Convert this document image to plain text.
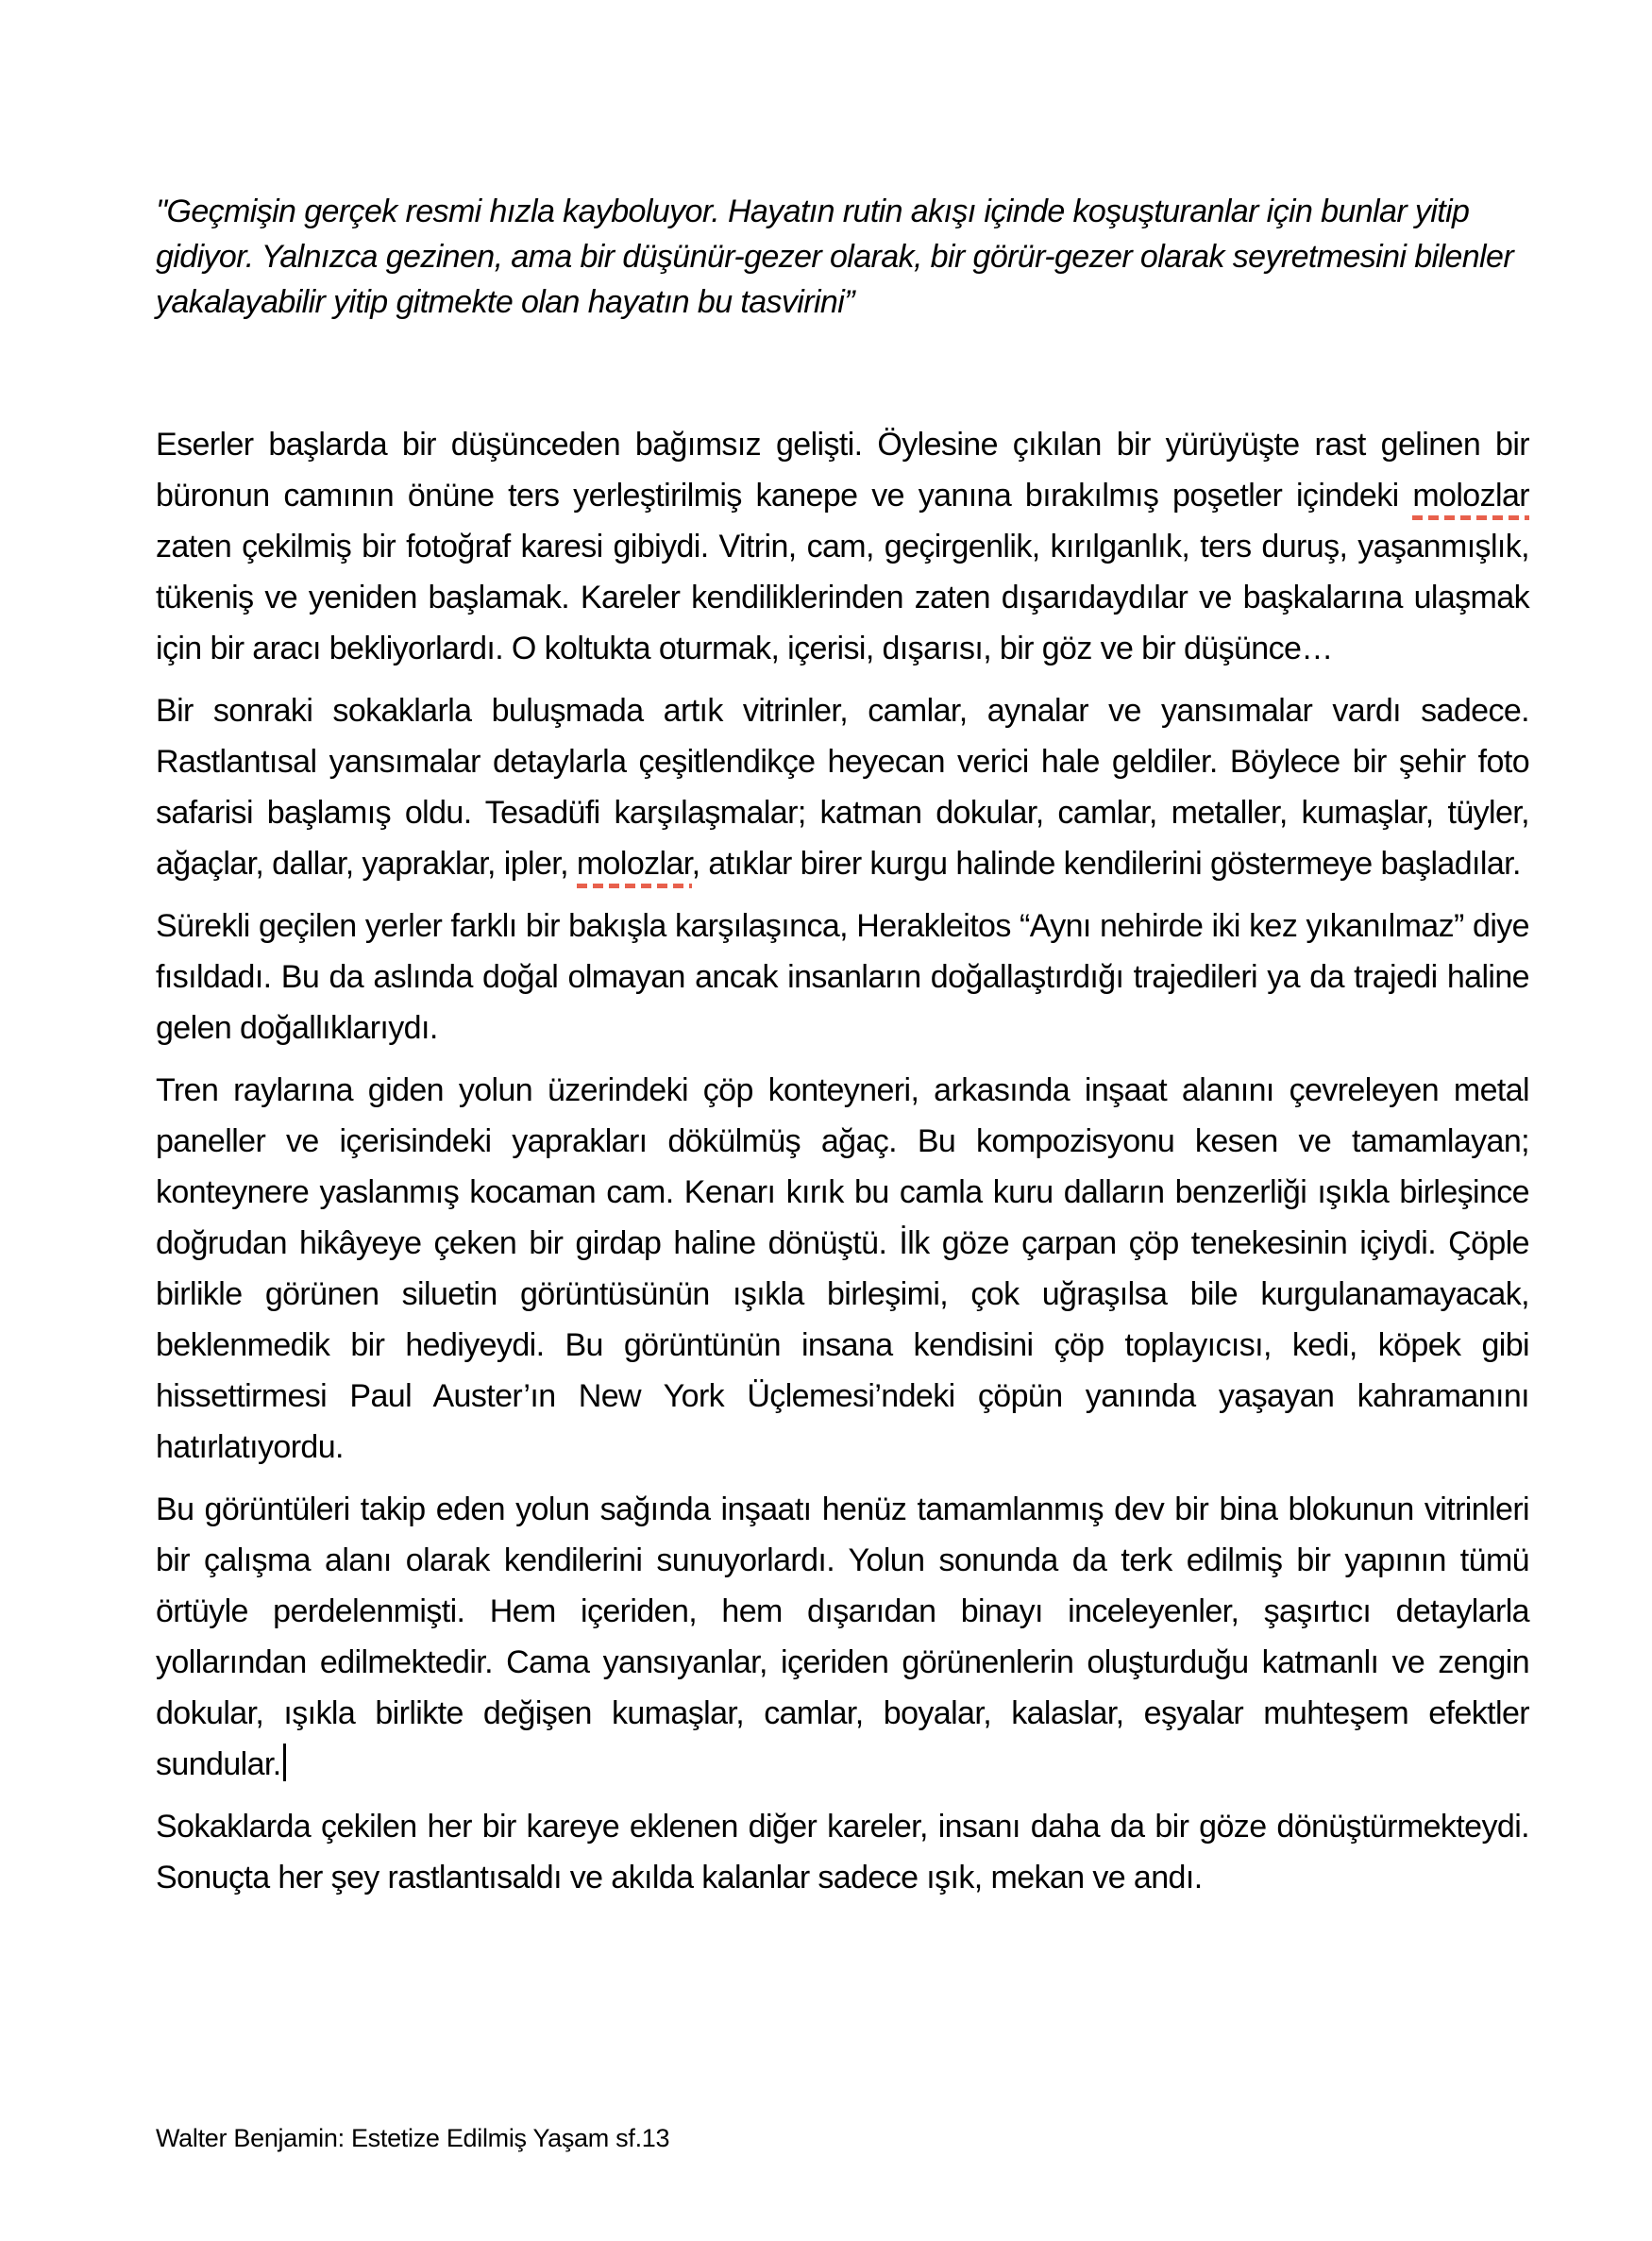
"Geçmişin gerçek resmi hızla kayboluyor. Hayatın rutin akışı içinde koşuşturanlar için bunlar yitip gidiyor. Yalnızca gezinen, ama bir düşünür-gezer olarak, bir görür-gezer olarak seyretmesini bilenler yakalayabilir yitip gitmekte olan hayatın bu tasvirini”

Eserler başlarda bir düşünceden bağımsız gelişti. Öylesine çıkılan bir yürüyüşte rast gelinen bir büronun camının önüne ters yerleştirilmiş kanepe ve yanına bırakılmış poşetler içindeki molozlar zaten çekilmiş bir fotoğraf karesi gibiydi. Vitrin, cam, geçirgenlik, kırılganlık, ters duruş, yaşanmışlık, tükeniş ve yeniden başlamak. Kareler kendiliklerinden zaten dışarıdaydılar ve başkalarına ulaşmak için bir aracı bekliyorlardı. O koltukta oturmak, içerisi, dışarısı, bir göz ve bir düşünce…

Bir sonraki sokaklarla buluşmada artık vitrinler, camlar, aynalar ve yansımalar vardı sadece. Rastlantısal yansımalar detaylarla çeşitlendikçe heyecan verici hale geldiler. Böylece bir şehir foto safarisi başlamış oldu. Tesadüfi karşılaşmalar; katman dokular, camlar, metaller, kumaşlar, tüyler, ağaçlar, dallar, yapraklar, ipler, molozlar, atıklar birer kurgu halinde kendilerini göstermeye başladılar.

Sürekli geçilen yerler farklı bir bakışla karşılaşınca, Herakleitos “Aynı nehirde iki kez yıkanılmaz” diye fısıldadı. Bu da aslında doğal olmayan ancak insanların doğallaştırdığı trajedileri ya da trajedi haline gelen doğallıklarıydı.

Tren raylarına giden yolun üzerindeki çöp konteyneri, arkasında inşaat alanını çevreleyen metal paneller ve içerisindeki yaprakları dökülmüş ağaç. Bu kompozisyonu kesen ve tamamlayan; konteynere yaslanmış kocaman cam. Kenarı kırık bu camla kuru dalların benzerliği ışıkla birleşince doğrudan hikâyeye çeken bir girdap haline dönüştü. İlk göze çarpan çöp tenekesinin içiydi. Çöple birlikle görünen siluetin görüntüsünün ışıkla birleşimi, çok uğraşılsa bile kurgulanamayacak, beklenmedik bir hediyeydi. Bu görüntünün insana kendisini çöp toplayıcısı, kedi, köpek gibi hissettirmesi Paul Auster’ın New York Üçlemesi’ndeki çöpün yanında yaşayan kahramanını hatırlatıyordu.

Bu görüntüleri takip eden yolun sağında inşaatı henüz tamamlanmış dev bir bina blokunun vitrinleri bir çalışma alanı olarak kendilerini sunuyorlardı. Yolun sonunda da terk edilmiş bir yapının tümü örtüyle perdelenmişti. Hem içeriden, hem dışarıdan binayı inceleyenler, şaşırtıcı detaylarla yollarından edilmektedir. Cama yansıyanlar, içeriden görünenlerin oluşturduğu katmanlı ve zengin dokular, ışıkla birlikte değişen kumaşlar, camlar, boyalar, kalaslar, eşyalar muhteşem efektler sundular.

Sokaklarda çekilen her bir kareye eklenen diğer kareler, insanı daha da bir göze dönüştürmekteydi. Sonuçta her şey rastlantısaldı ve akılda kalanlar sadece ışık, mekan ve andı.

Walter Benjamin: Estetize Edilmiş Yaşam sf.13
